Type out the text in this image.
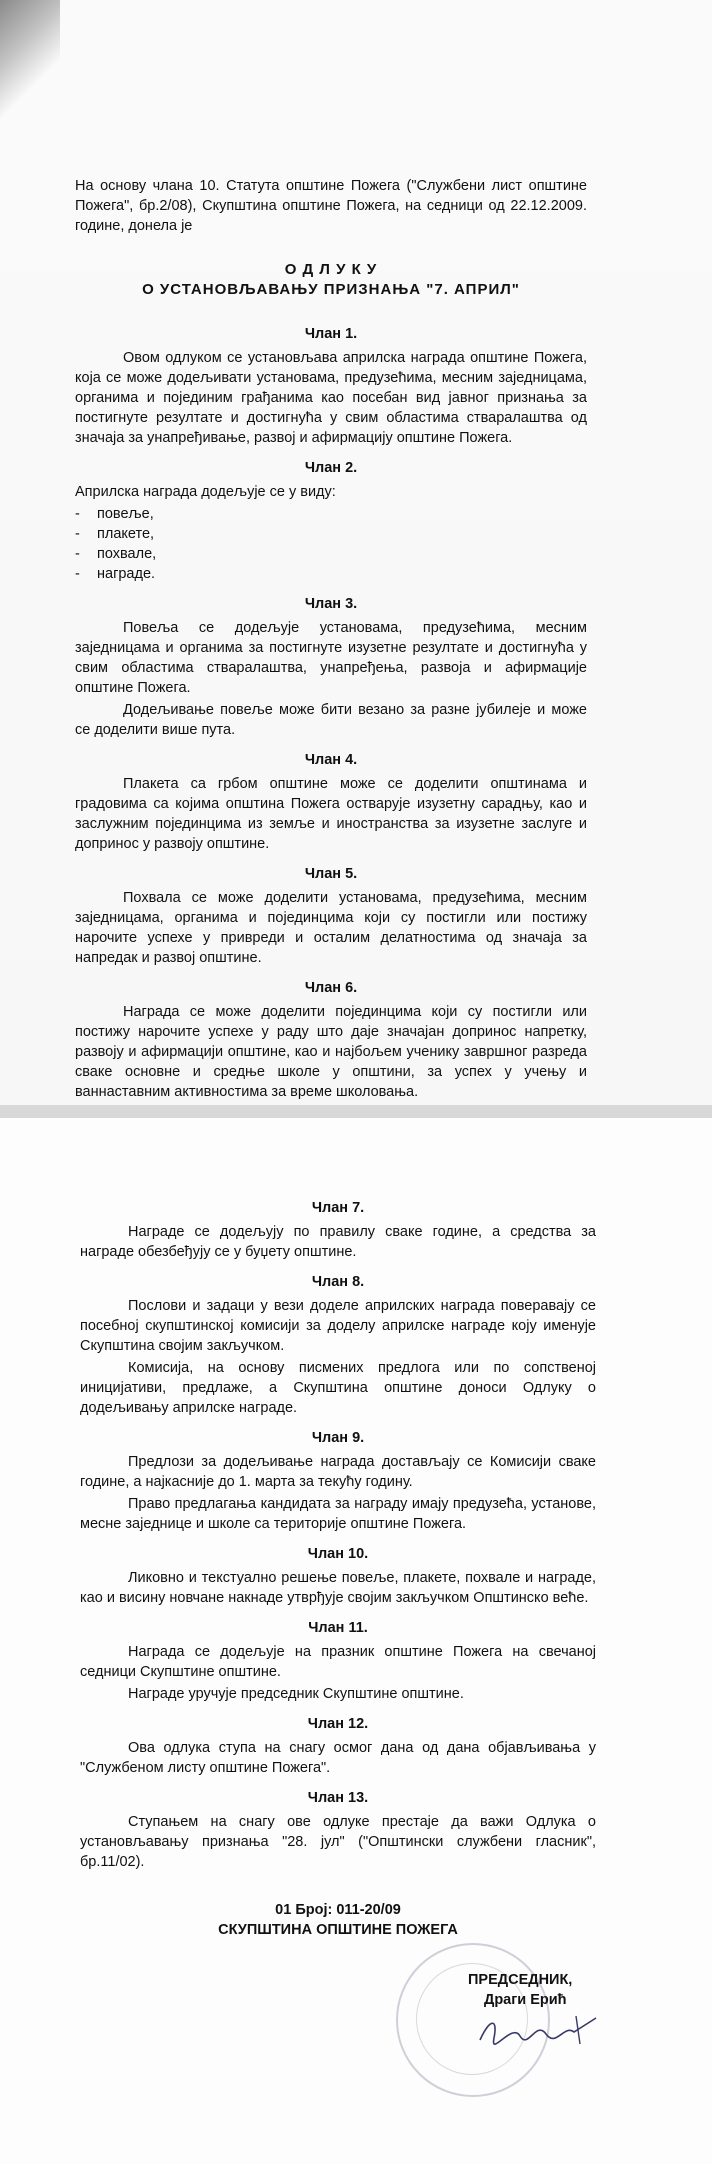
На основу члана 10. Статута општине Пожега ("Службени лист општине Пожега", бр.2/08), Скупштина општине Пожега, на седници од 22.12.2009. године, донела је

О Д Л У К У

О УСТАНОВЉАВАЊУ ПРИЗНАЊА "7. АПРИЛ"

Члан 1.

Овом одлуком се установљава априлска награда општине Пожега, која се може додељивати установама, предузећима, месним заједницама, органима и појединим грађанима као посебан вид јавног признања за постигнуте резултате и достигнућа у свим областима стваралаштва од значаја за унапређивање, развој и афирмацију општине Пожега.

Члан 2.

Априлска награда додељује се у виду:

- повеље,
- плакете,
- похвале,
- награде.
Члан 3.

Повеља се додељује установама, предузећима, месним заједницама и органима за постигнуте изузетне резултате и достигнућа у свим областима стваралаштва, унапређења, развоја и афирмације општине Пожега.

Додељивање повеље може бити везано за разне јубилеје и може се доделити више пута.

Члан 4.

Плакета са грбом општине може се доделити општинама и градовима са којима општина Пожега остварује изузетну сарадњу, као и заслужним појединцима из земље и иностранства за изузетне заслуге и допринос у развоју општине.

Члан 5.

Похвала се може доделити установама, предузећима, месним заједницама, органима и појединцима који су постигли или постижу нарочите успехе у привреди и осталим делатностима од значаја за напредак и развој општине.

Члан 6.

Награда се може доделити појединцима који су постигли или постижу нарочите успехе у раду што даје значајан допринос напретку, развоју и афирмацији општине, као и најбољем ученику завршног разреда сваке основне и средње школе у општини, за успех у учењу и ваннаставним активностима за време школовања.

Члан 7.

Награде се додељују по правилу сваке године, а средства за награде обезбеђују се у буџету општине.

Члан 8.

Послови и задаци у вези доделе априлских награда поверавају се посебној скупштинској комисији за доделу априлске награде коју именује Скупштина својим закључком.

Комисија, на основу писмених предлога или по сопственој иницијативи, предлаже, а Скупштина општине доноси Одлуку о додељивању априлске награде.

Члан 9.

Предлози за додељивање награда достављају се Комисији сваке године, а најкасније до 1. марта за текућу годину.

Право предлагања кандидата за награду имају предузећа, установе, месне заједнице и школе са територије општине Пожега.

Члан 10.

Ликовно и текстуално решење повеље, плакете, похвале и награде, као и висину новчане накнаде утврђује својим закључком Општинско веће.

Члан 11.

Награда се додељује на празник општине Пожега на свечаној седници Скупштине општине.

Награде уручује председник Скупштине општине.

Члан 12.

Ова одлука ступа на снагу осмог дана од дана објављивања у "Службеном листу општине Пожега".

Члан 13.

Ступањем на снагу ове одлуке престаје да важи Одлука о установљавању признања "28. јул" ("Општински службени гласник", бр.11/02).

01 Број: 011-20/09
СКУПШТИНА ОПШТИНЕ ПОЖЕГА
ПРЕДСЕДНИК,
Драги Ерић
